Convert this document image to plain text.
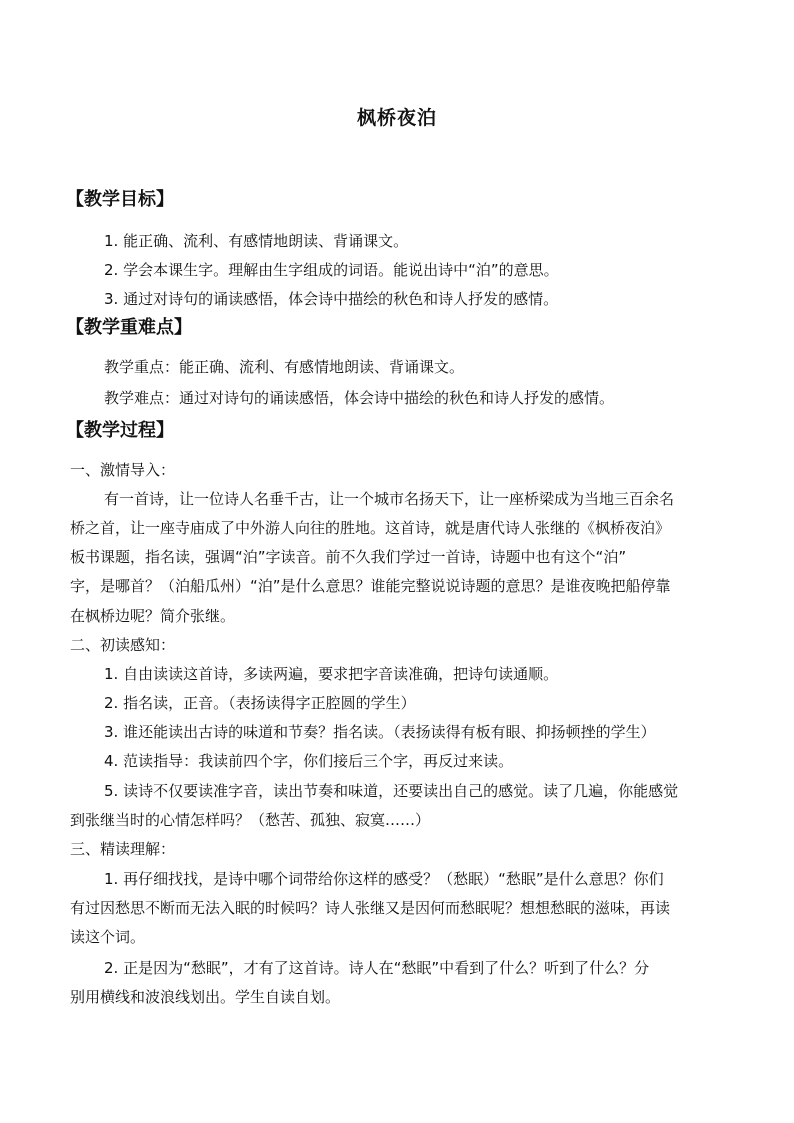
枫桥夜泊
【教学目标】
1. 能正确、流利、有感情地朗读、背诵课文。
2. 学会本课生字。理解由生字组成的词语。能说出诗中“泊”的意思。
3. 通过对诗句的诵读感悟，体会诗中描绘的秋色和诗人抒发的感情。
【教学重难点】
教学重点：能正确、流利、有感情地朗读、背诵课文。
教学难点：通过对诗句的诵读感悟，体会诗中描绘的秋色和诗人抒发的感情。
【教学过程】
一、激情导入：
有一首诗，让一位诗人名垂千古，让一个城市名扬天下，让一座桥梁成为当地三百余名
桥之首，让一座寺庙成了中外游人向往的胜地。这首诗，就是唐代诗人张继的《枫桥夜泊》
板书课题，指名读，强调“泊”字读音。前不久我们学过一首诗，诗题中也有这个“泊”
字，是哪首？（泊船瓜州）“泊”是什么意思？谁能完整说说诗题的意思？是谁夜晚把船停靠
在枫桥边呢？简介张继。
二、初读感知：
1. 自由读读这首诗，多读两遍，要求把字音读准确，把诗句读通顺。
2. 指名读，正音。（表扬读得字正腔圆的学生）
3. 谁还能读出古诗的味道和节奏？指名读。（表扬读得有板有眼、抑扬顿挫的学生）
4. 范读指导：我读前四个字，你们接后三个字，再反过来读。
5. 读诗不仅要读准字音，读出节奏和味道，还要读出自己的感觉。读了几遍，你能感觉
到张继当时的心情怎样吗？（愁苦、孤独、寂寞……）
三、精读理解：
1. 再仔细找找，是诗中哪个词带给你这样的感受？（愁眠）“愁眠”是什么意思？你们
有过因愁思不断而无法入眠的时候吗？诗人张继又是因何而愁眠呢？想想愁眠的滋味，再读
读这个词。
2. 正是因为“愁眠”，才有了这首诗。诗人在“愁眠”中看到了什么？听到了什么？分
别用横线和波浪线划出。学生自读自划。
